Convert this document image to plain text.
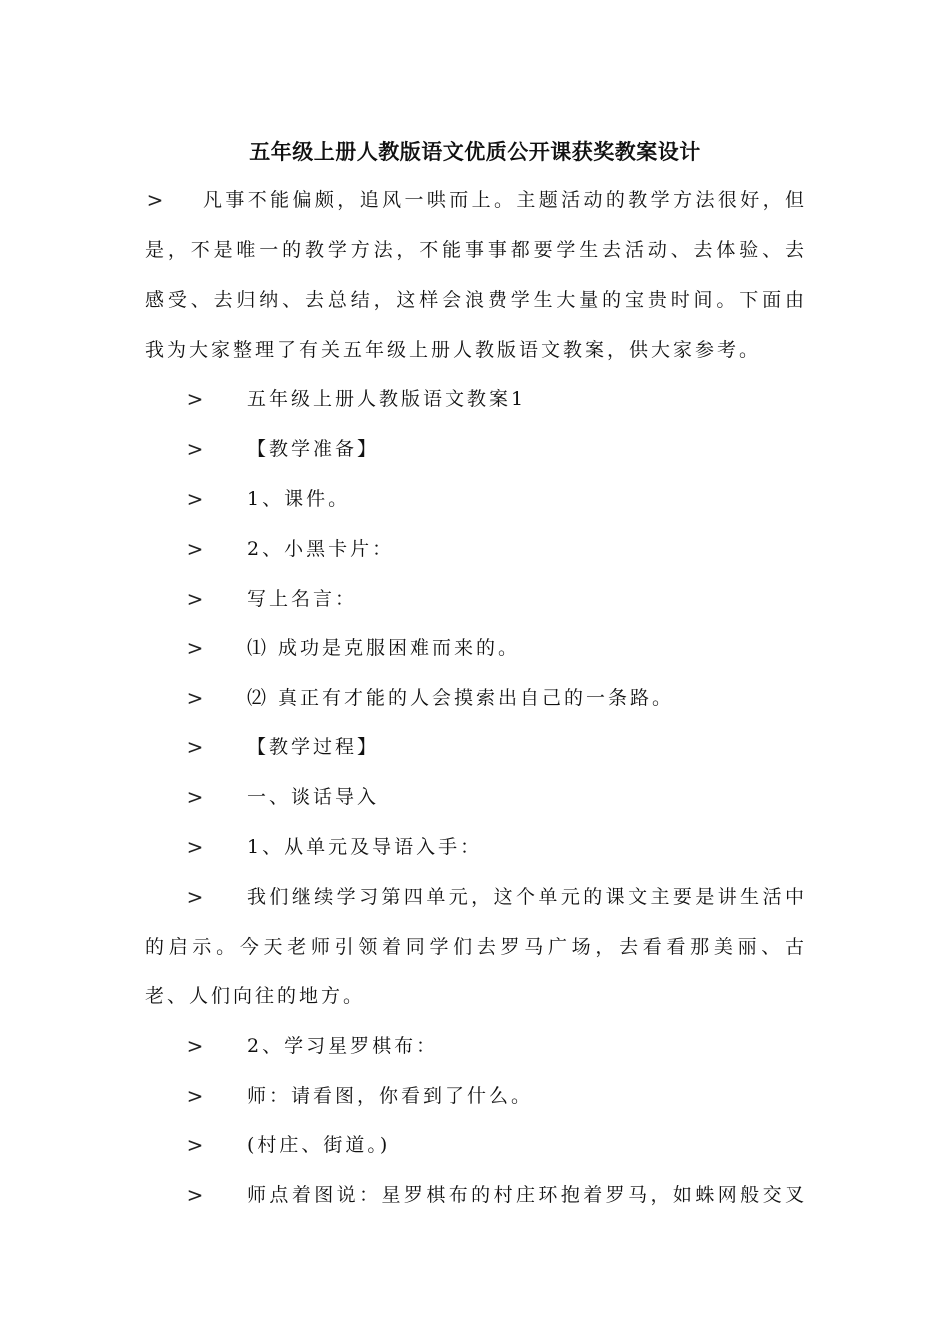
五年级上册人教版语文优质公开课获奖教案设计
> 凡事不能偏颇，追风一哄而上。主题活动的教学方法很好，但
是，不是唯一的教学方法，不能事事都要学生去活动、去体验、去
感受、去归纳、去总结，这样会浪费学生大量的宝贵时间。下面由
我为大家整理了有关五年级上册人教版语文教案，供大家参考。
> 五年级上册人教版语文教案1
> 【教学准备】
> 1、课件。
> 2、小黑卡片：
> 写上名言：
> ⑴ 成功是克服困难而来的。
> ⑵ 真正有才能的人会摸索出自己的一条路。
> 【教学过程】
> 一、谈话导入
> 1、从单元及导语入手：
> 我们继续学习第四单元，这个单元的课文主要是讲生活中
的启示。今天老师引领着同学们去罗马广场，去看看那美丽、古
老、人们向往的地方。
> 2、学习星罗棋布：
> 师：请看图，你看到了什么。
> (村庄、街道。)
> 师点着图说：星罗棋布的村庄环抱着罗马，如蛛网般交叉
